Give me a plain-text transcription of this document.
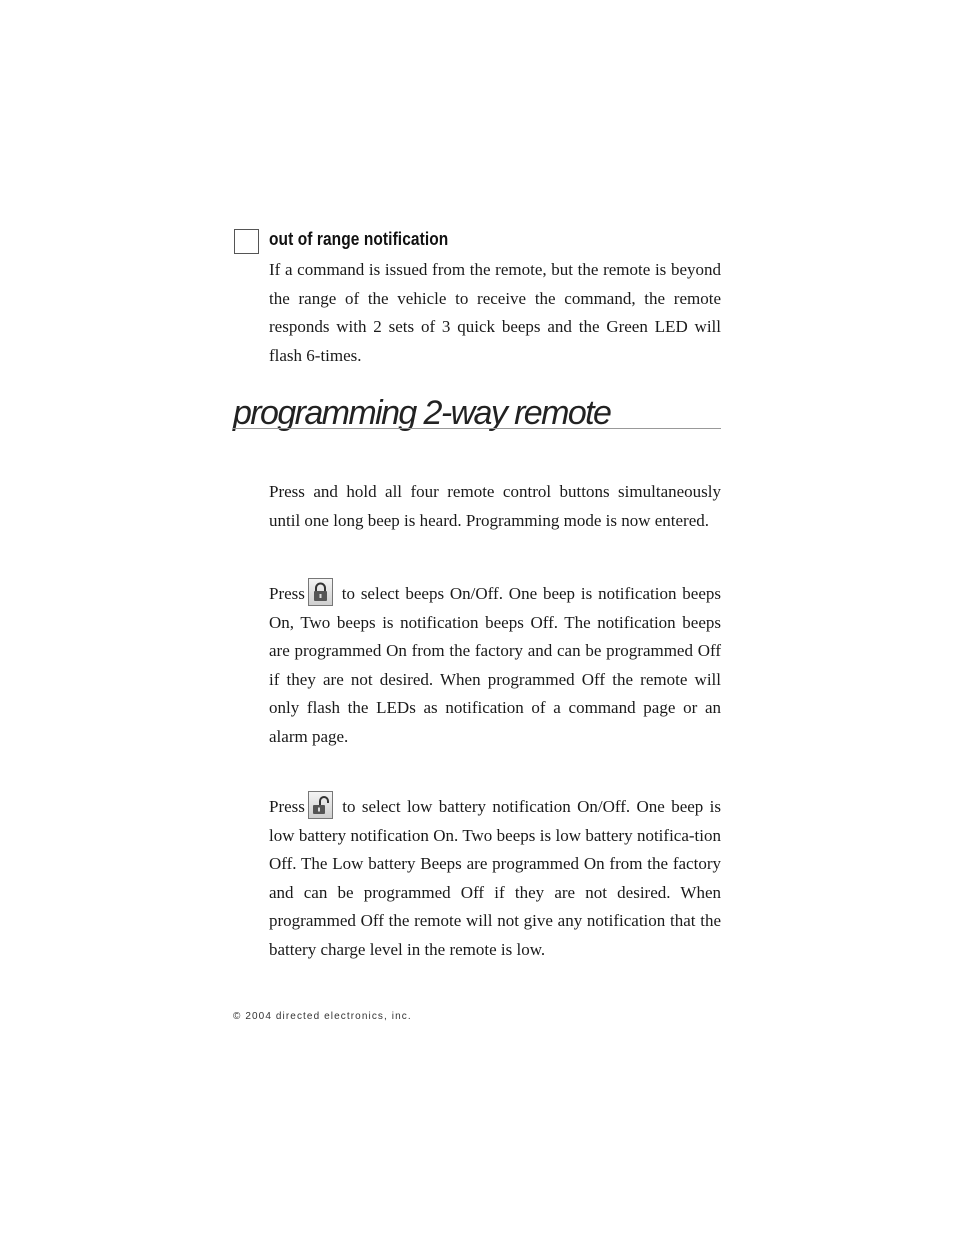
out of range notification

If a command is issued from the remote, but the remote is beyond the range of the vehicle to receive the command, the remote responds with 2 sets of 3 quick beeps and the Green LED will flash 6-times.

programming 2-way remote

Press and hold all four remote control buttons simultaneously until one long beep is heard. Programming mode is now entered.

Press to select beeps On/Off. One beep is notification beeps On, Two beeps is notification beeps Off. The notification beeps are programmed On from the factory and can be programmed Off if they are not desired. When programmed Off the remote will only flash the LEDs as notification of a command page or an alarm page.

Press to select low battery notification On/Off. One beep is low battery notification On. Two beeps is low battery notifica-tion Off. The Low battery Beeps are programmed On from the factory and can be programmed Off if they are not desired. When programmed Off the remote will not give any notification that the battery charge level in the remote is low.

© 2004 directed electronics, inc.
